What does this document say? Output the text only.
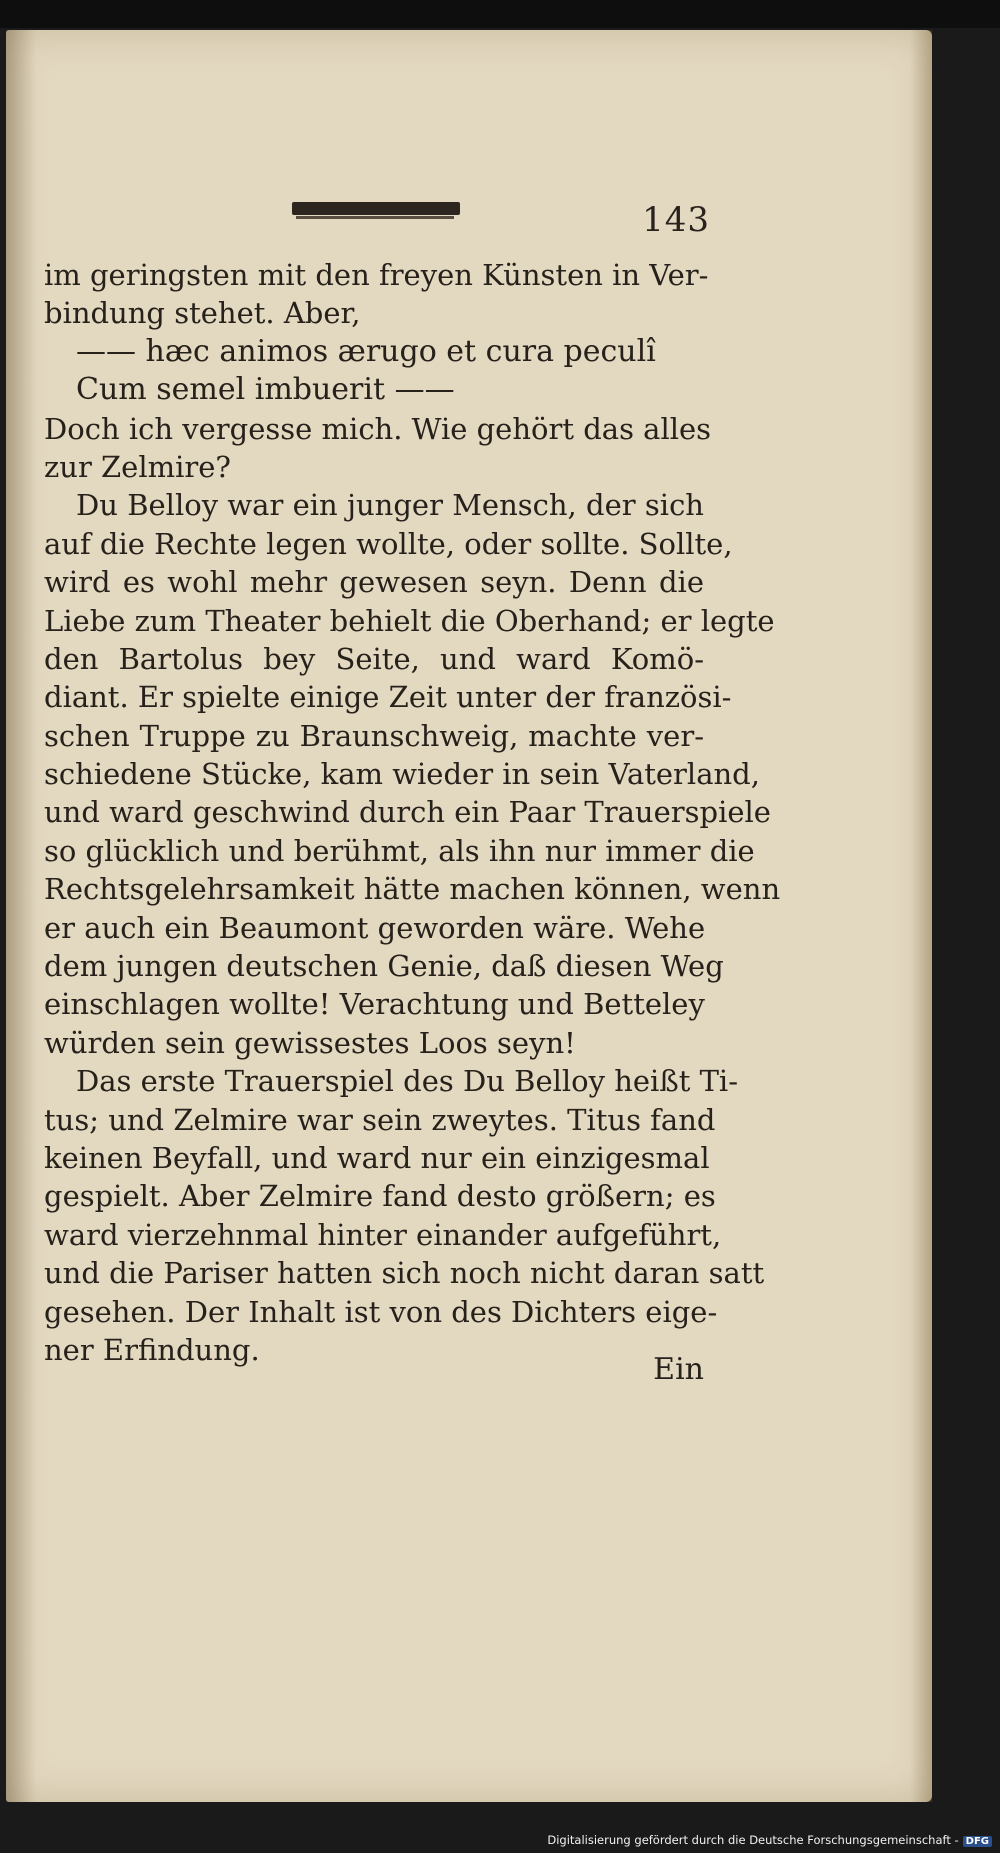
143
im geringsten mit den freyen Künsten in Ver-
bindung stehet. Aber,
—— hæc animos ærugo et cura peculî
Cum semel imbuerit ——
Doch ich vergesse mich. Wie gehört das alles
zur Zelmire?
Du Belloy war ein junger Mensch, der sich
auf die Rechte legen wollte, oder sollte. Sollte,
wird es wohl mehr gewesen seyn. Denn die
Liebe zum Theater behielt die Oberhand; er legte
den Bartolus bey Seite, und ward Komö-
diant. Er spielte einige Zeit unter der französi-
schen Truppe zu Braunschweig, machte ver-
schiedene Stücke, kam wieder in sein Vaterland,
und ward geschwind durch ein Paar Trauerspiele
so glücklich und berühmt, als ihn nur immer die
Rechtsgelehrsamkeit hätte machen können, wenn
er auch ein Beaumont geworden wäre. Wehe
dem jungen deutschen Genie, daß diesen Weg
einschlagen wollte! Verachtung und Betteley
würden sein gewissestes Loos seyn!
Das erste Trauerspiel des Du Belloy heißt Ti-
tus; und Zelmire war sein zweytes. Titus fand
keinen Beyfall, und ward nur ein einzigesmal
gespielt. Aber Zelmire fand desto größern; es
ward vierzehnmal hinter einander aufgeführt,
und die Pariser hatten sich noch nicht daran satt
gesehen. Der Inhalt ist von des Dichters eige-
ner Erfindung.
Ein
Digitalisierung gefördert durch die Deutsche Forschungsgemeinschaft - DFG
